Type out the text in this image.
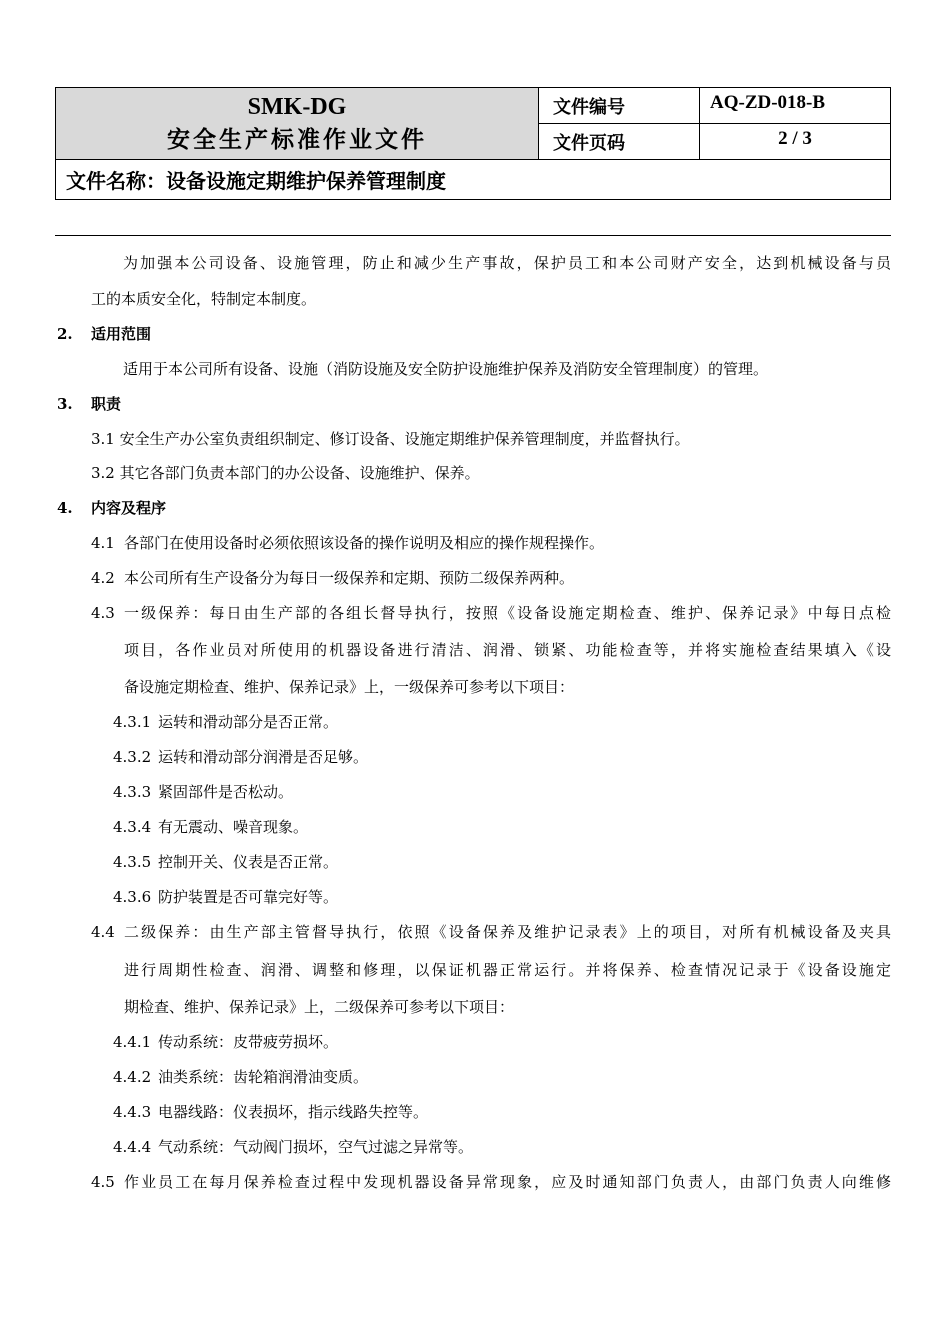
SMK-DG
安全生产标准作业文件
文件编号	AQ-ZD-018-B
文件页码	2 / 3
文件名称：设备设施定期维护保养管理制度
为加强本公司设备、设施管理，防止和减少生产事故，保护员工和本公司财产安全，达到机械设备与员
工的本质安全化，特制定本制度。
2. 适用范围
适用于本公司所有设备、设施（消防设施及安全防护设施维护保养及消防安全管理制度）的管理。
3. 职责
3.1 安全生产办公室负责组织制定、修订设备、设施定期维护保养管理制度，并监督执行。
3.2 其它各部门负责本部门的办公设备、设施维护、保养。
4. 内容及程序
4.1 各部门在使用设备时必须依照该设备的操作说明及相应的操作规程操作。
4.2 本公司所有生产设备分为每日一级保养和定期、预防二级保养两种。
4.3 一级保养：每日由生产部的各组长督导执行，按照《设备设施定期检查、维护、保养记录》中每日点检
项目，各作业员对所使用的机器设备进行清洁、润滑、锁紧、功能检查等，并将实施检查结果填入《设
备设施定期检查、维护、保养记录》上，一级保养可参考以下项目：
4.3.1 运转和滑动部分是否正常。
4.3.2 运转和滑动部分润滑是否足够。
4.3.3 紧固部件是否松动。
4.3.4 有无震动、噪音现象。
4.3.5 控制开关、仪表是否正常。
4.3.6 防护装置是否可靠完好等。
4.4 二级保养：由生产部主管督导执行，依照《设备保养及维护记录表》上的项目，对所有机械设备及夹具
进行周期性检查、润滑、调整和修理，以保证机器正常运行。并将保养、检查情况记录于《设备设施定
期检查、维护、保养记录》上，二级保养可参考以下项目：
4.4.1 传动系统：皮带疲劳损坏。
4.4.2 油类系统：齿轮箱润滑油变质。
4.4.3 电器线路：仪表损坏，指示线路失控等。
4.4.4 气动系统：气动阀门损坏，空气过滤之异常等。
4.5 作业员工在每月保养检查过程中发现机器设备异常现象，应及时通知部门负责人，由部门负责人向维修
